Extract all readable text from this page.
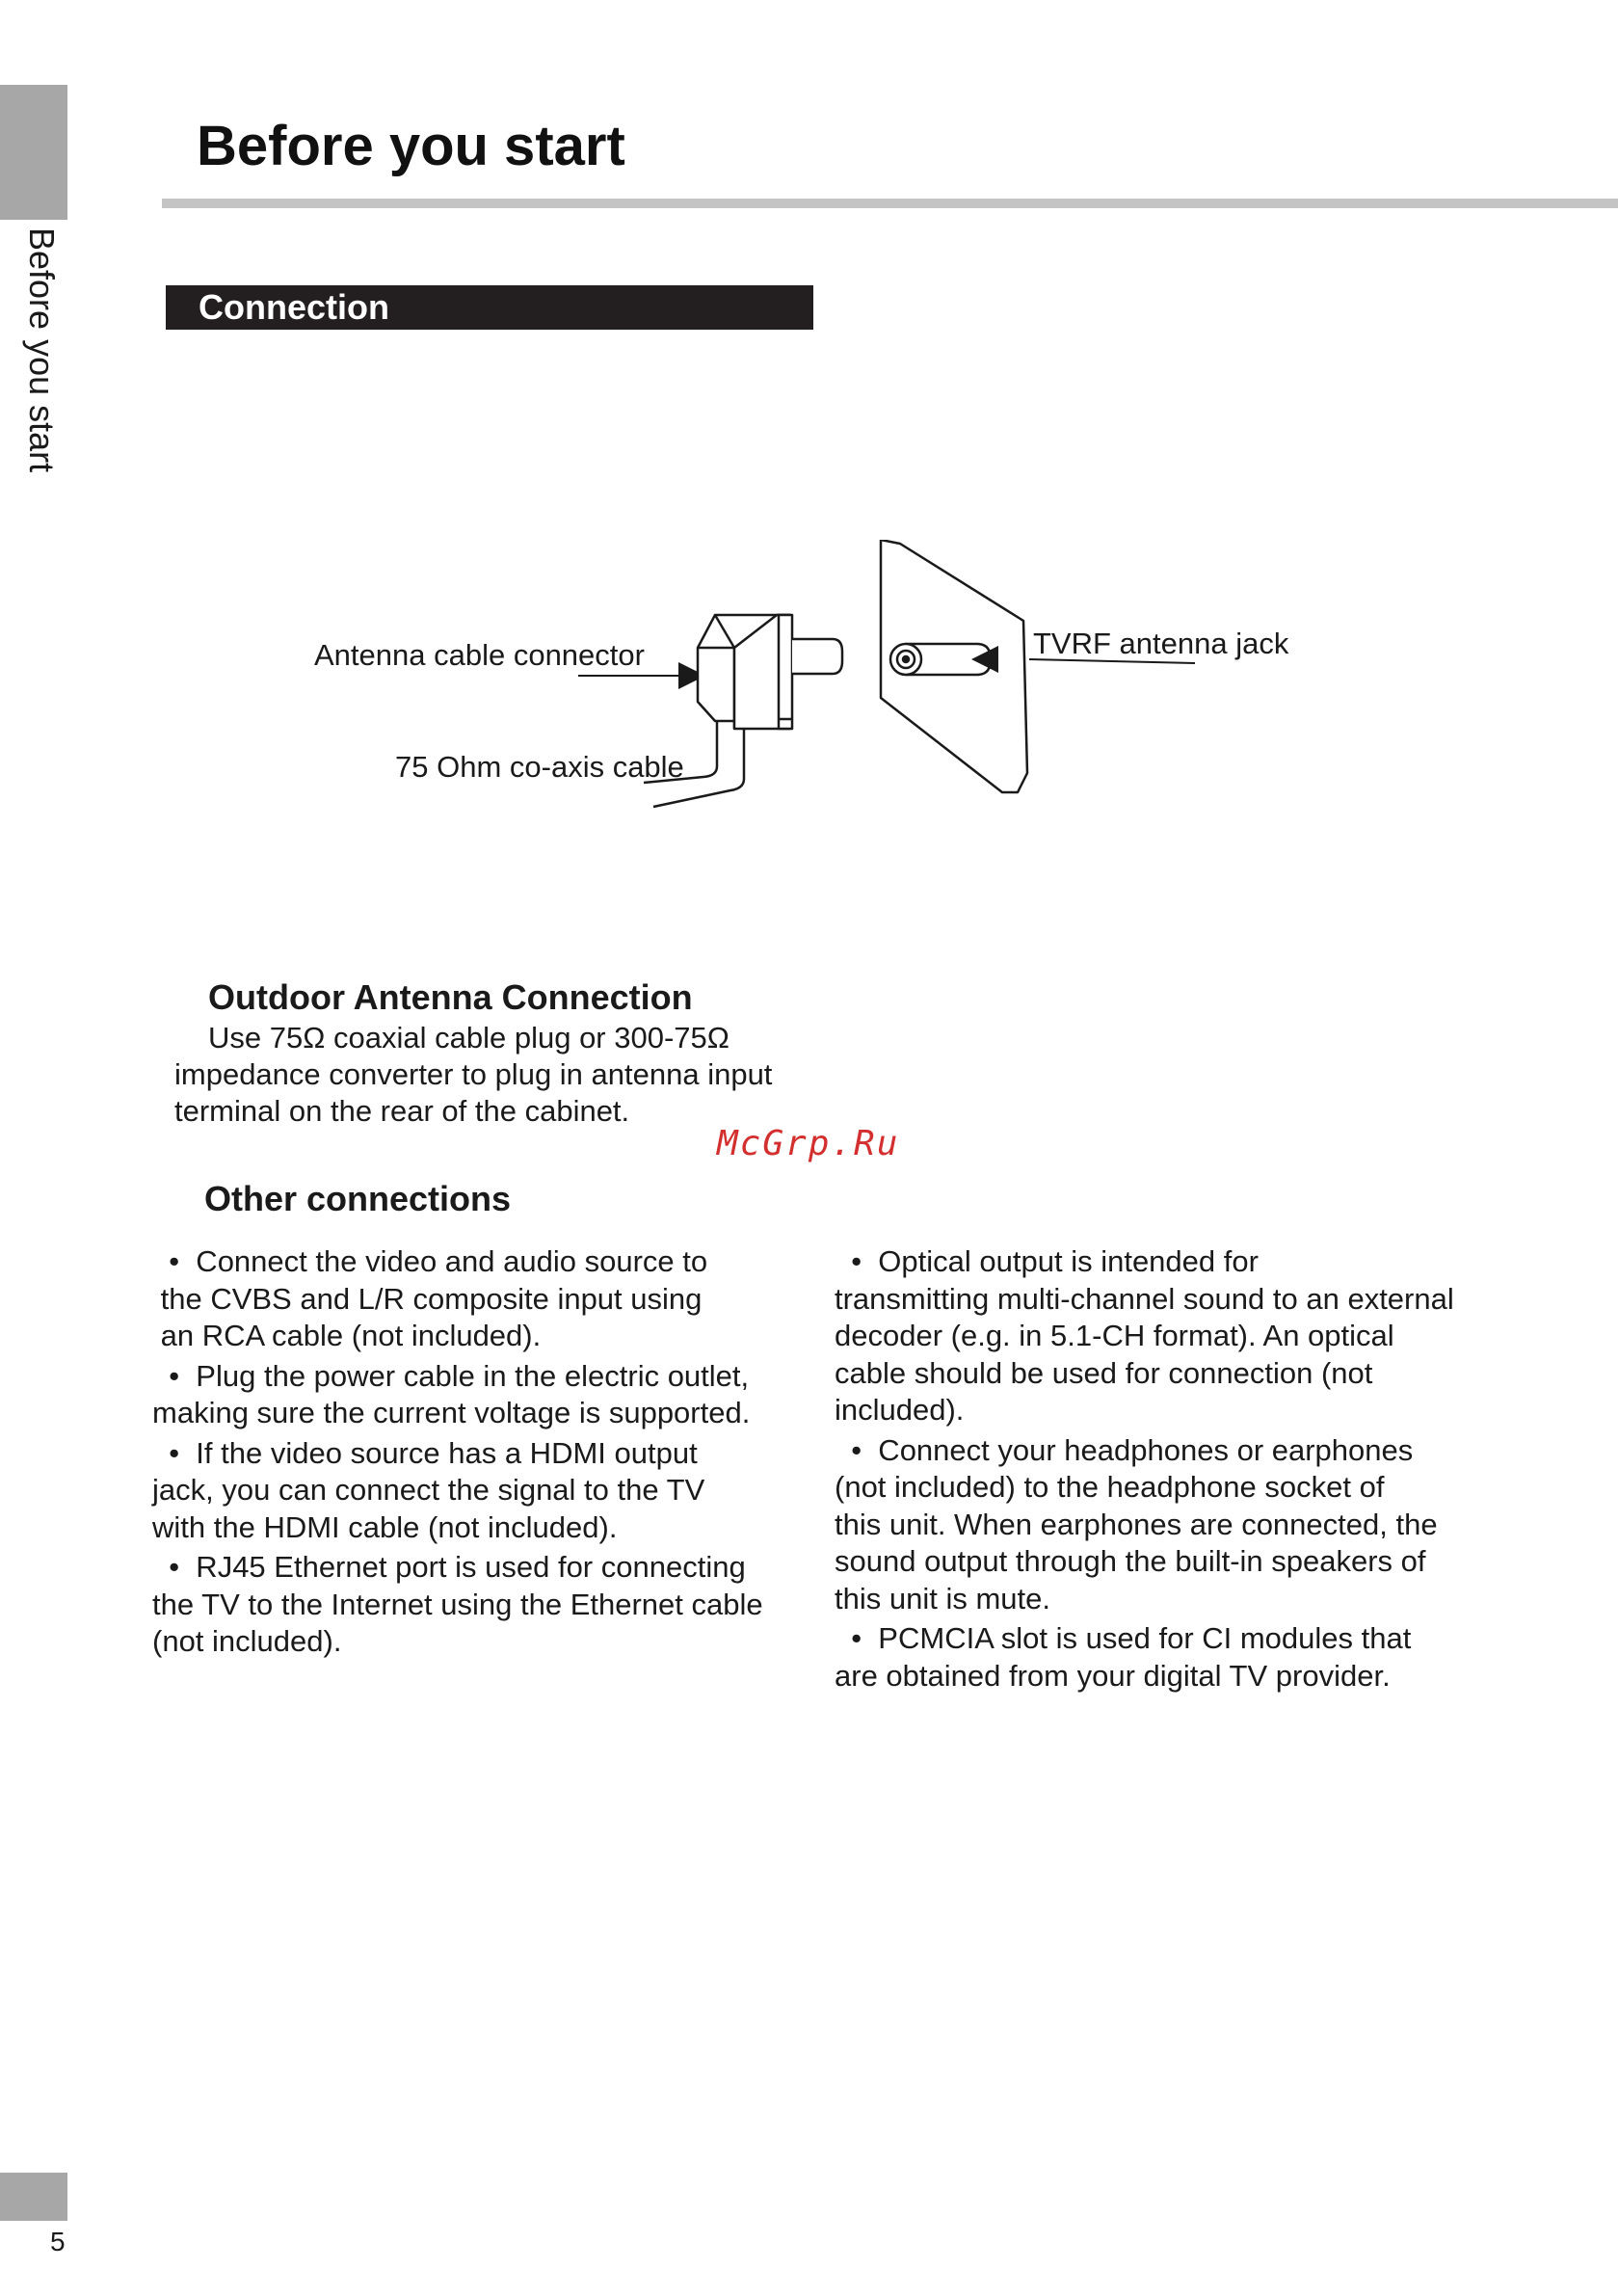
Before you start
Before you start
Connection
Antenna cable connector
75 Ohm co-axis cable
TVRF antenna jack
Outdoor Antenna Connection

Use 75Ω coaxial cable plug or 300-75Ω

impedance converter to plug in antenna input

terminal on the rear of the cabinet.

McGrp.Ru
Other connections
•  Connect the video and audio source to
the CVBS and L/R composite input using
an RCA cable (not included).
•  Plug the power cable in the electric outlet,
making sure the current voltage is supported.
•  If the video source has a HDMI output
jack, you can connect the signal to the TV
with the HDMI cable (not included).
•  RJ45 Ethernet port is used for connecting
the TV to the Internet using the Ethernet cable
(not included).
•  Optical output is intended for
transmitting multi-channel sound to an external
decoder (e.g. in 5.1-CH format). An optical
cable should be used for connection (not
included).
•  Connect your headphones or earphones
(not included) to the headphone socket of
this unit. When earphones are connected, the
sound output through the built-in speakers of
this unit is mute.
•  PCMCIA slot is used for CI modules that
are obtained from your digital TV provider.
5
